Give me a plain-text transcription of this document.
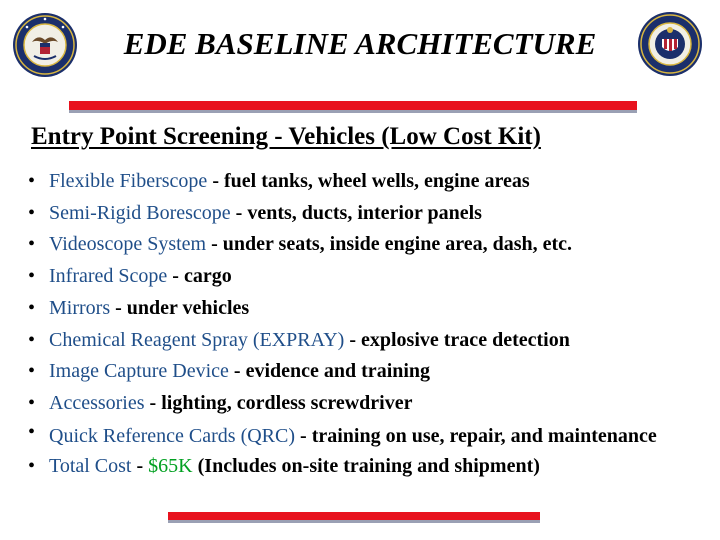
EDE BASELINE ARCHITECTURE
Entry Point Screening - Vehicles (Low Cost Kit)
• Flexible Fiberscope - fuel tanks, wheel wells, engine areas
• Semi-Rigid Borescope - vents, ducts, interior panels
• Videoscope System - under seats, inside engine area, dash, etc.
• Infrared Scope - cargo
• Mirrors - under vehicles
• Chemical Reagent Spray (EXPRAY) - explosive trace detection
• Image Capture Device - evidence and training
• Accessories - lighting, cordless screwdriver
• Quick Reference Cards (QRC) - training on use, repair, and maintenance
• Total Cost - $65K (Includes on-site training and shipment)
